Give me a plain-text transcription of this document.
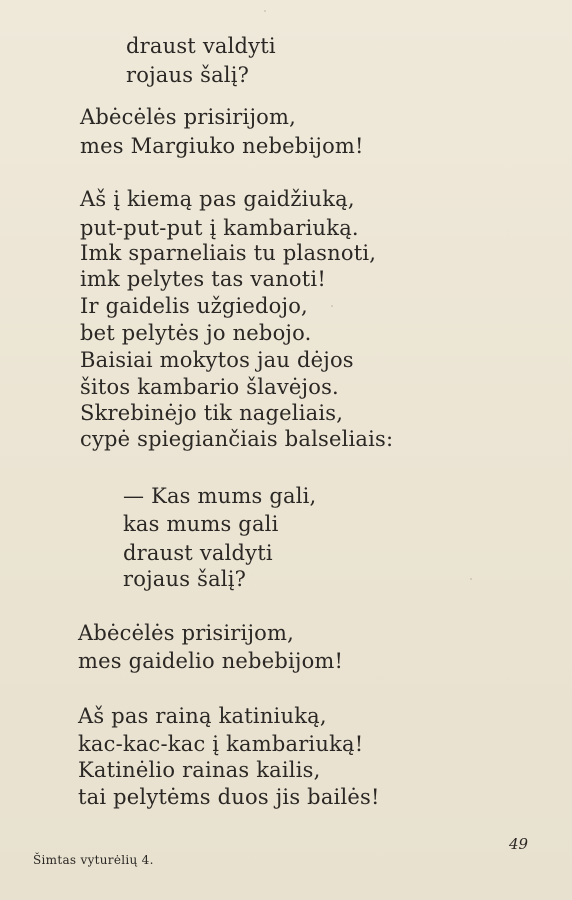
draust valdyti
rojaus šalį?
Abėcėlės prisirijom,
mes Margiuko nebebijom!
Aš į kiemą pas gaidžiuką,
put-put-put į kambariuką.
Imk sparneliais tu plasnoti,
imk pelytes tas vanoti!
Ir gaidelis užgiedojo,
bet pelytės jo nebojo.
Baisiai mokytos jau dėjos
šitos kambario šlavėjos.
Skrebinėjo tik nageliais,
cypė spiegiančiais balseliais:
— Kas mums gali,
kas mums gali
draust valdyti
rojaus šalį?
Abėcėlės prisirijom,
mes gaidelio nebebijom!
Aš pas rainą katiniuką,
kac-kac-kac į kambariuką!
Katinėlio rainas kailis,
tai pelytėms duos jis bailės!
49
Šimtas vyturėlių 4.
